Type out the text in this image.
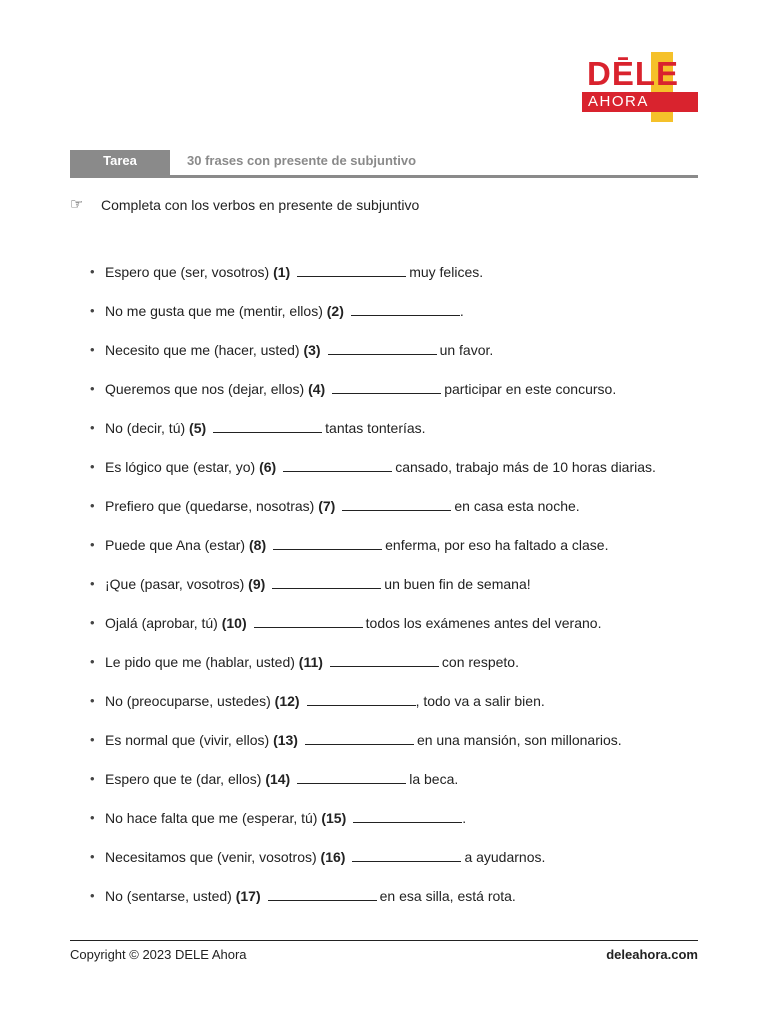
DĒLE
AHORA
Tarea	30 frases con presente de subjuntivo
☞	Completa con los verbos en presente de subjuntivo
• Espero que (ser, vosotros) (1)	muy felices.
• No me gusta que me (mentir, ellos) (2)	.
• Necesito que me (hacer, usted) (3)	un favor.
• Queremos que nos (dejar, ellos) (4)	participar en este concurso.
• No (decir, tú) (5)	tantas tonterías.
• Es lógico que (estar, yo) (6)	cansado, trabajo más de 10 horas diarias.
• Prefiero que (quedarse, nosotras) (7)	en casa esta noche.
• Puede que Ana (estar) (8)	enferma, por eso ha faltado a clase.
• ¡Que (pasar, vosotros) (9)	un buen fin de semana!
• Ojalá (aprobar, tú) (10)	todos los exámenes antes del verano.
• Le pido que me (hablar, usted) (11)	con respeto.
• No (preocuparse, ustedes) (12)	, todo va a salir bien.
• Es normal que (vivir, ellos) (13)	en una mansión, son millonarios.
• Espero que te (dar, ellos) (14)	la beca.
• No hace falta que me (esperar, tú) (15)	.
• Necesitamos que (venir, vosotros) (16)	a ayudarnos.
• No (sentarse, usted) (17)	en esa silla, está rota.
Copyright © 2023 DELE Ahora	deleahora.com
